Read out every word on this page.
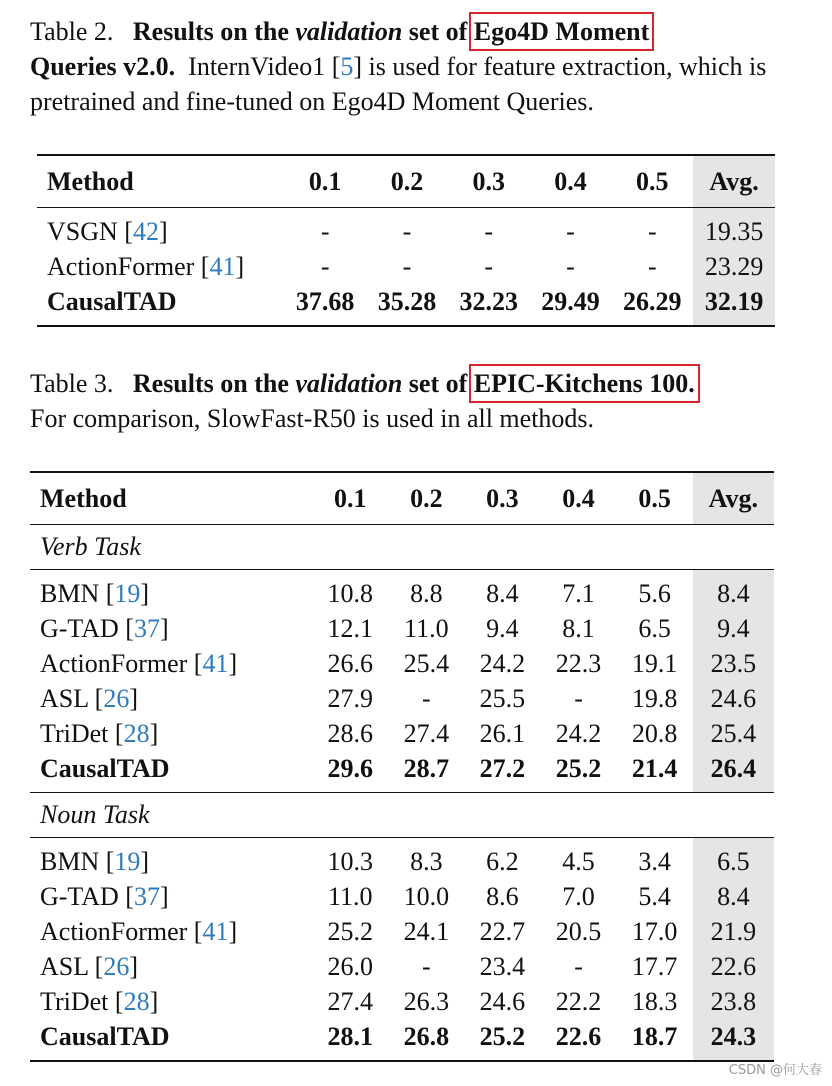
Table 2. Results on the validation set of Ego4D Moment
Queries v2.0. InternVideo1 [5] is used for feature extraction, which is pretrained and fine-tuned on Ego4D Moment Queries.
Method	0.1	0.2	0.3	0.4	0.5	Avg.
VSGN [42]	-	-	-	-	-	19.35
ActionFormer [41]	-	-	-	-	-	23.29
CausalTAD	37.68	35.28	32.23	29.49	26.29	32.19
Table 3. Results on the validation set of EPIC-Kitchens 100.
For comparison, SlowFast-R50 is used in all methods.
Method	0.1	0.2	0.3	0.4	0.5	Avg.
Verb Task						
BMN [19]	10.8	8.8	8.4	7.1	5.6	8.4
G-TAD [37]	12.1	11.0	9.4	8.1	6.5	9.4
ActionFormer [41]	26.6	25.4	24.2	22.3	19.1	23.5
ASL [26]	27.9	-	25.5	-	19.8	24.6
TriDet [28]	28.6	27.4	26.1	24.2	20.8	25.4
CausalTAD	29.6	28.7	27.2	25.2	21.4	26.4
Noun Task						
BMN [19]	10.3	8.3	6.2	4.5	3.4	6.5
G-TAD [37]	11.0	10.0	8.6	7.0	5.4	8.4
ActionFormer [41]	25.2	24.1	22.7	20.5	17.0	21.9
ASL [26]	26.0	-	23.4	-	17.7	22.6
TriDet [28]	27.4	26.3	24.6	22.2	18.3	23.8
CausalTAD	28.1	26.8	25.2	22.6	18.7	24.3
CSDN @何大春
